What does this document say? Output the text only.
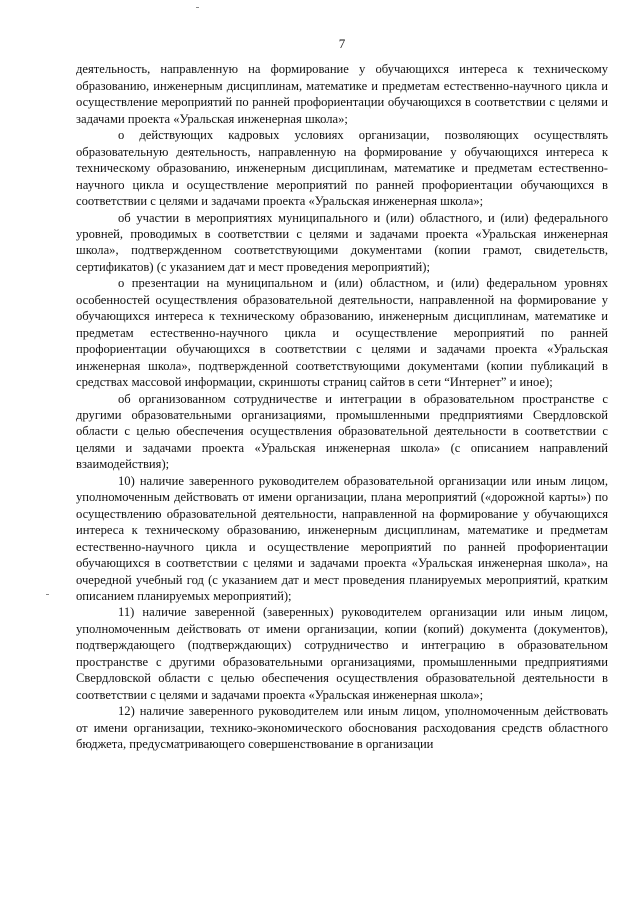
7

деятельность, направленную на формирование у обучающихся интереса к техническому образованию, инженерным дисциплинам, математике и предметам естественно-научного цикла и осуществление мероприятий по ранней профориентации обучающихся в соответствии с целями и задачами проекта «Уральская инженерная школа»;

о действующих кадровых условиях организации, позволяющих осуществлять образовательную деятельность, направленную на формирование у обучающихся интереса к техническому образованию, инженерным дисциплинам, математике и предметам естественно-научного цикла и осуществление мероприятий по ранней профориентации обучающихся в соответствии с целями и задачами проекта «Уральская инженерная школа»;

об участии в мероприятиях муниципального и (или) областного, и (или) федерального уровней, проводимых в соответствии с целями и задачами проекта «Уральская инженерная школа», подтвержденном соответствующими документами (копии грамот, свидетельств, сертификатов) (с указанием дат и мест проведения мероприятий);

о презентации на муниципальном и (или) областном, и (или) федеральном уровнях особенностей осуществления образовательной деятельности, направленной на формирование у обучающихся интереса к техническому образованию, инженерным дисциплинам, математике и предметам естественно-научного цикла и осуществление мероприятий по ранней профориентации обучающихся в соответствии с целями и задачами проекта «Уральская инженерная школа», подтвержденной соответствующими документами (копии публикаций в средствах массовой информации, скриншоты страниц сайтов в сети “Интернет” и иное);

об организованном сотрудничестве и интеграции в образовательном пространстве с другими образовательными организациями, промышленными предприятиями Свердловской области с целью обеспечения осуществления образовательной деятельности в соответствии с целями и задачами проекта «Уральская инженерная школа» (с описанием направлений взаимодействия);

10) наличие заверенного руководителем образовательной организации или иным лицом, уполномоченным действовать от имени организации, плана мероприятий («дорожной карты») по осуществлению образовательной деятельности, направленной на формирование у обучающихся интереса к техническому образованию, инженерным дисциплинам, математике и предметам естественно-научного цикла и осуществление мероприятий по ранней профориентации обучающихся в соответствии с целями и задачами проекта «Уральская инженерная школа», на очередной учебный год (с указанием дат и мест проведения планируемых мероприятий, кратким описанием планируемых мероприятий);

11) наличие заверенной (заверенных) руководителем организации или иным лицом, уполномоченным действовать от имени организации, копии (копий) документа (документов), подтверждающего (подтверждающих) сотрудничество и интеграцию в образовательном пространстве с другими образовательными организациями, промышленными предприятиями Свердловской области с целью обеспечения осуществления образовательной деятельности в соответствии с целями и задачами проекта «Уральская инженерная школа»;

12) наличие заверенного руководителем или иным лицом, уполномоченным действовать от имени организации, технико-экономического обоснования расходования средств областного бюджета, предусматривающего совершенствование в организации
